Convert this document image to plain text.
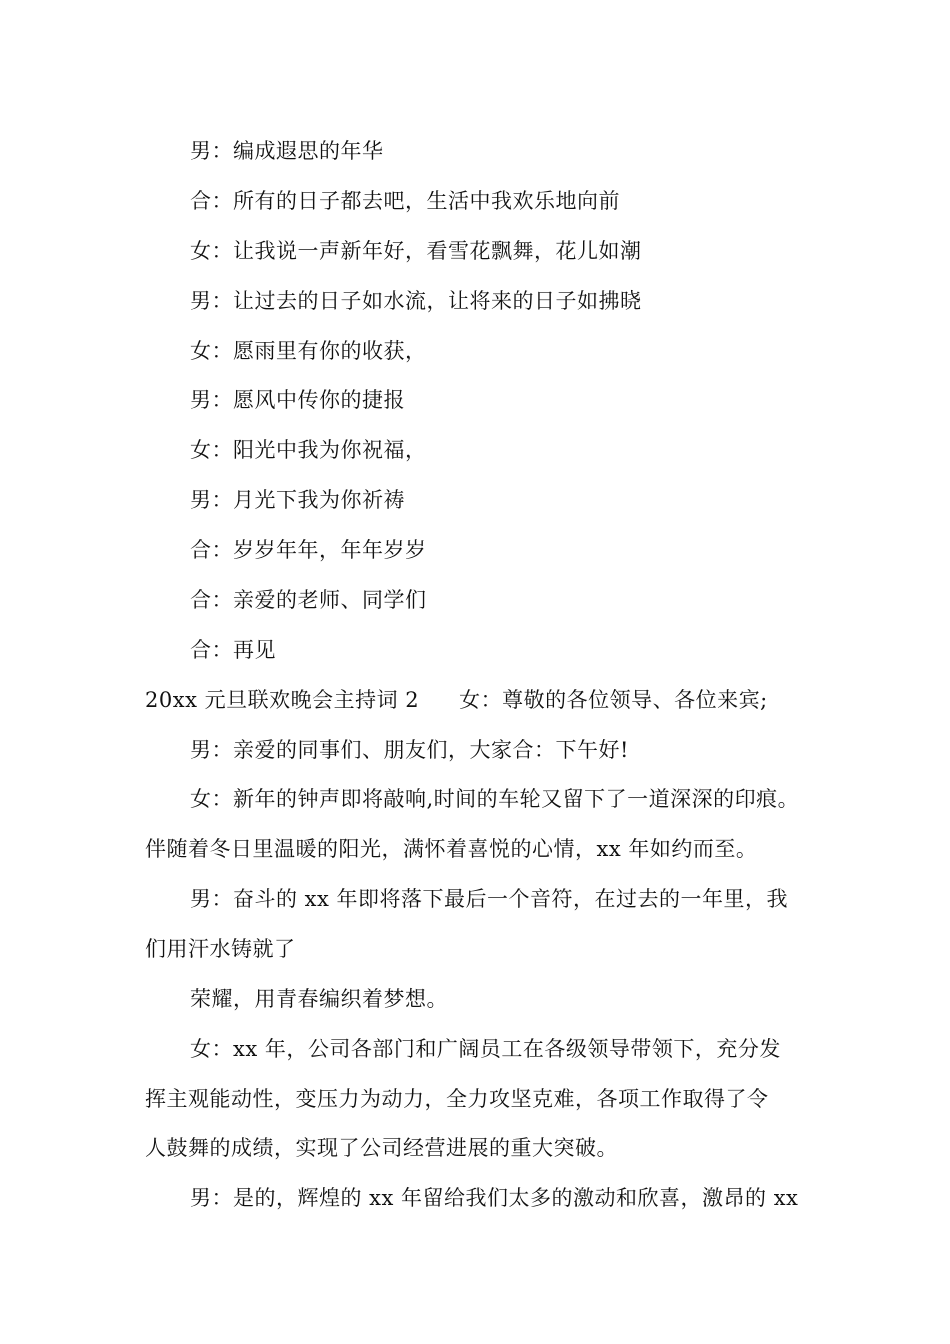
男：编成遐思的年华
合：所有的日子都去吧，生活中我欢乐地向前
女：让我说一声新年好，看雪花飘舞，花儿如潮
男：让过去的日子如水流，让将来的日子如拂晓
女：愿雨里有你的收获，
男：愿风中传你的捷报
女：阳光中我为你祝福，
男：月光下我为你祈祷
合：岁岁年年，年年岁岁
合：亲爱的老师、同学们
合：再见
20xx 元旦联欢晚会主持词 2 女：尊敬的各位领导、各位来宾;
男：亲爱的同事们、朋友们，大家合：下午好!
女：新年的钟声即将敲响,时间的车轮又留下了一道深深的印痕。
伴随着冬日里温暖的阳光，满怀着喜悦的心情，xx 年如约而至。
男：奋斗的 xx 年即将落下最后一个音符，在过去的一年里，我
们用汗水铸就了
荣耀，用青春编织着梦想。
女：xx 年，公司各部门和广阔员工在各级领导带领下，充分发
挥主观能动性，变压力为动力，全力攻坚克难，各项工作取得了令
人鼓舞的成绩，实现了公司经营进展的重大突破。
男：是的，辉煌的 xx 年留给我们太多的激动和欣喜，激昂的 xx
